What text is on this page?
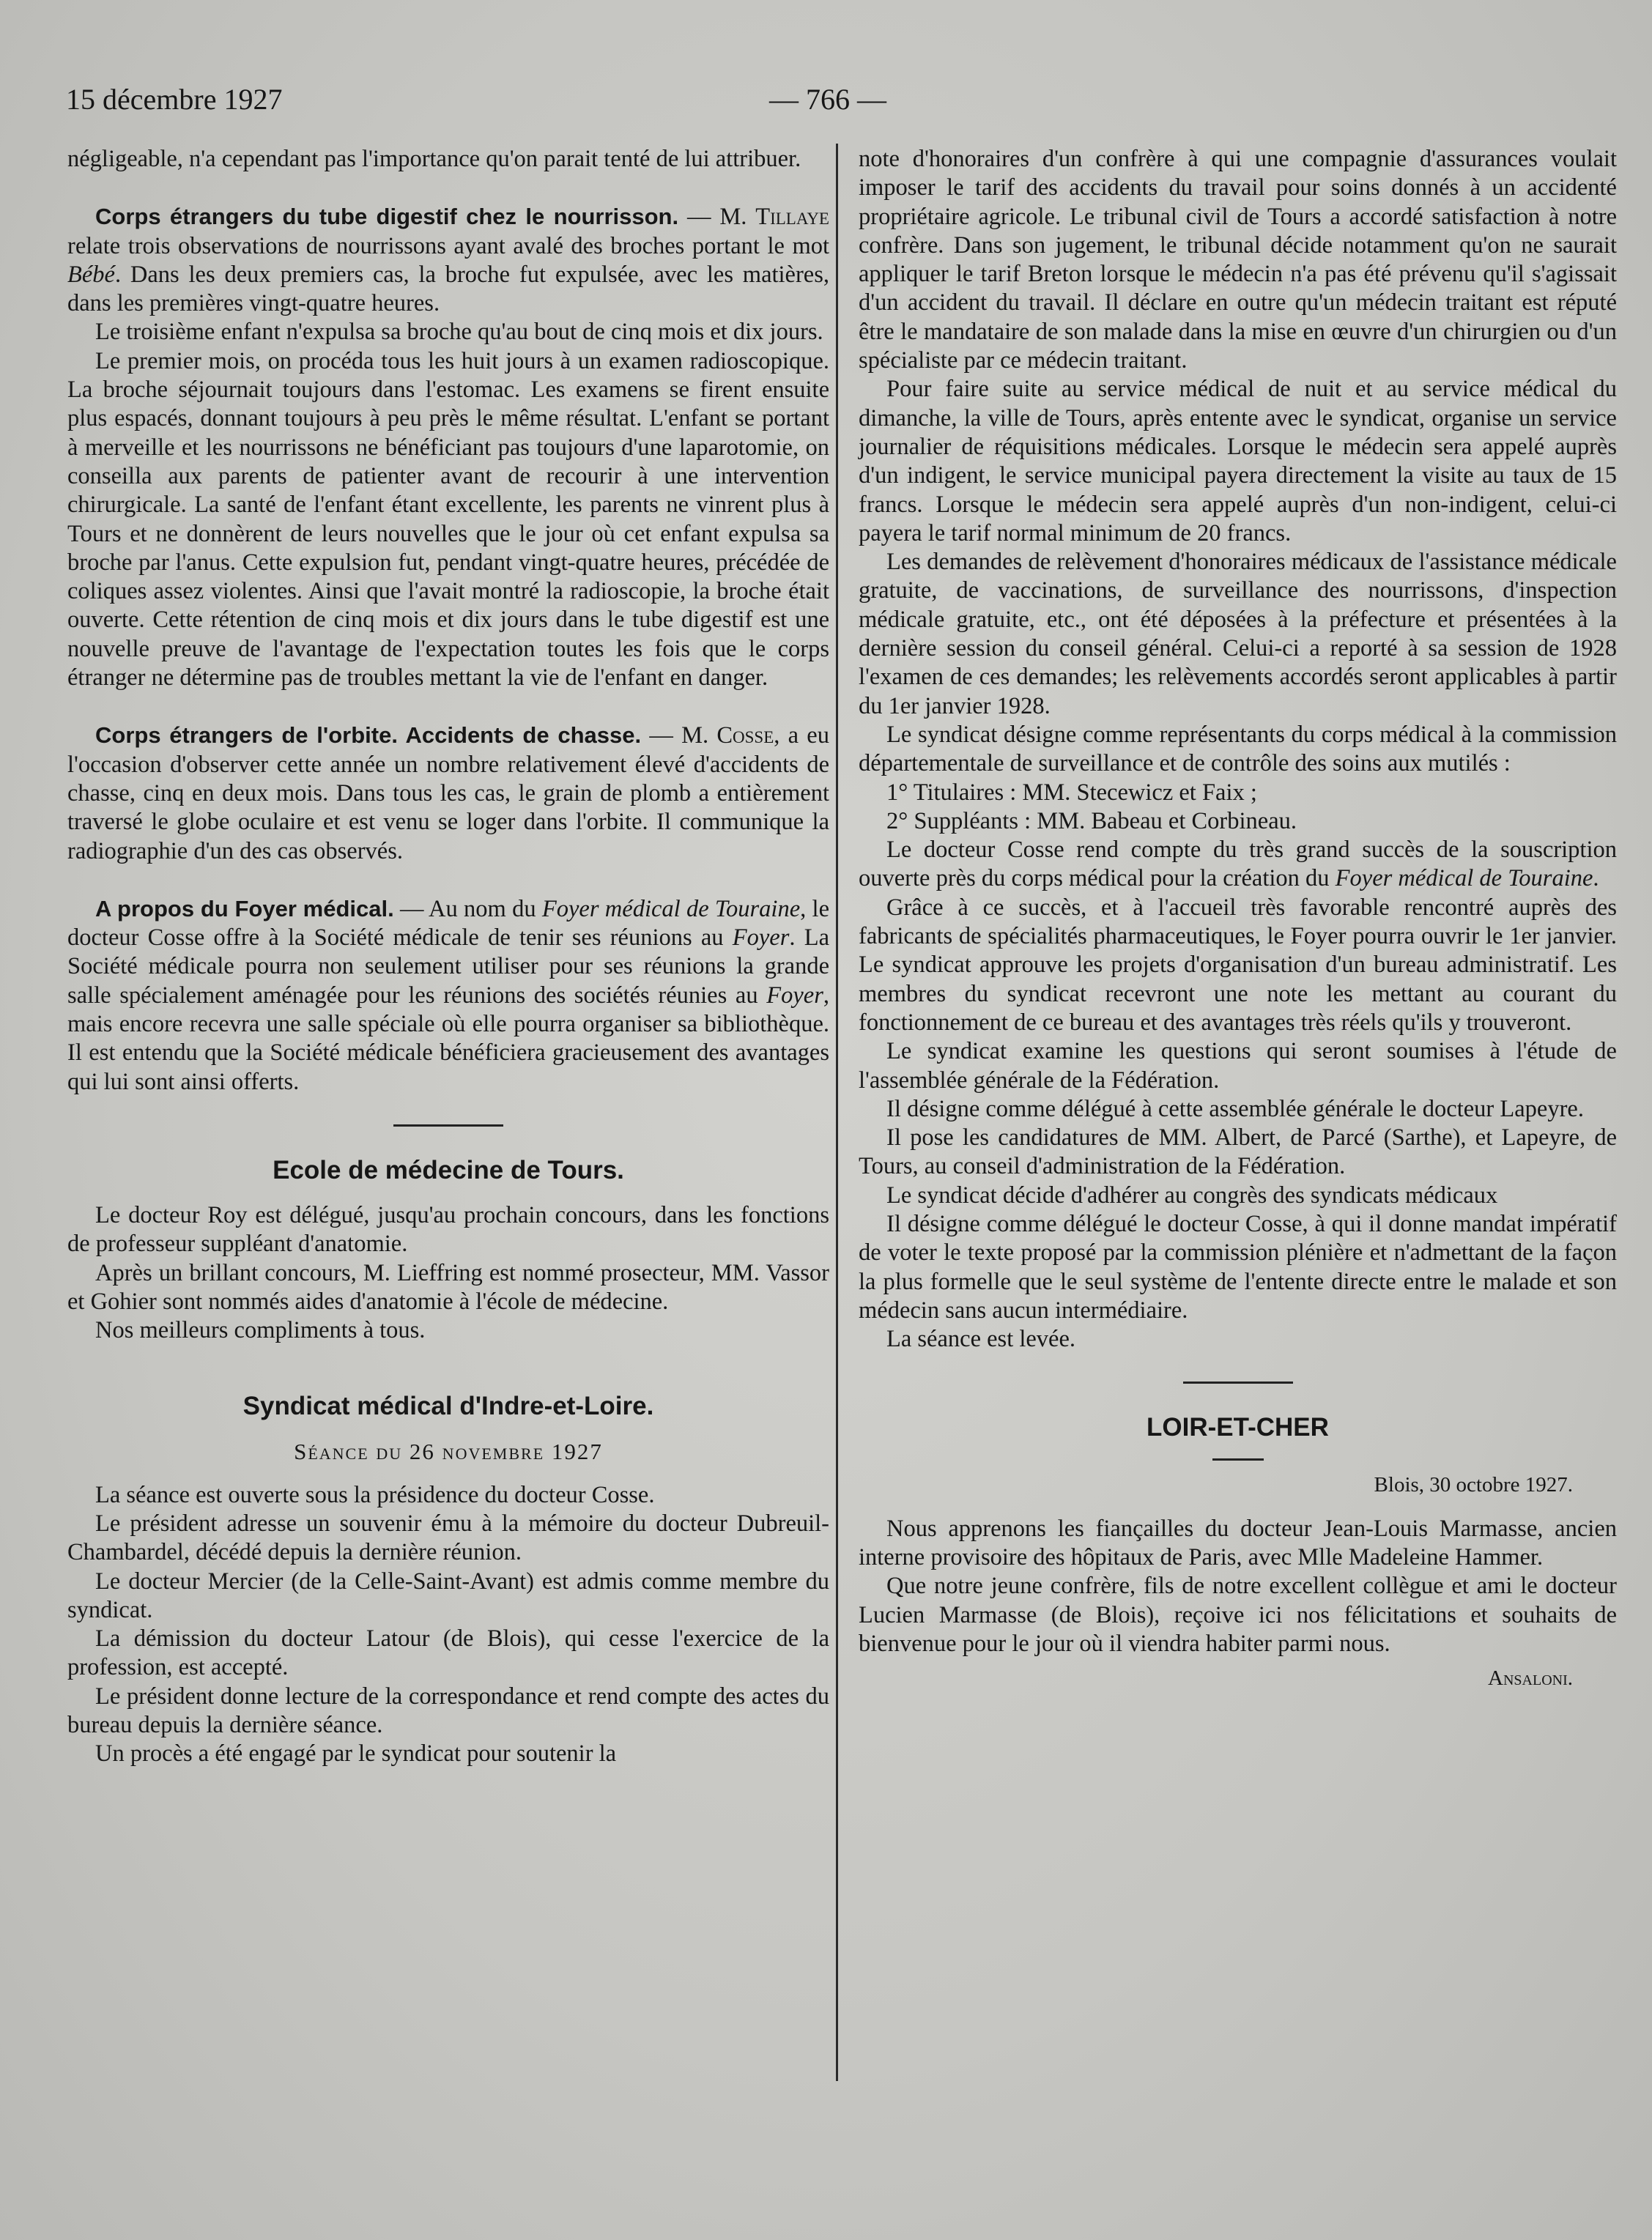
15 décembre 1927	— 766 —

négligeable, n'a cependant pas l'importance qu'on parait tenté de lui attribuer.

Corps étrangers du tube digestif chez le nourrisson. — M. Tillaye relate trois observations de nourrissons ayant avalé des broches portant le mot Bébé. Dans les deux premiers cas, la broche fut expulsée, avec les matières, dans les premières vingt-quatre heures.

Le troisième enfant n'expulsa sa broche qu'au bout de cinq mois et dix jours.

Le premier mois, on procéda tous les huit jours à un examen radioscopique. La broche séjournait toujours dans l'estomac. Les examens se firent ensuite plus espacés, donnant toujours à peu près le même résultat. L'enfant se portant à merveille et les nourrissons ne bénéficiant pas toujours d'une laparotomie, on conseilla aux parents de patienter avant de recourir à une intervention chirurgicale. La santé de l'enfant étant excellente, les parents ne vinrent plus à Tours et ne donnèrent de leurs nouvelles que le jour où cet enfant expulsa sa broche par l'anus. Cette expulsion fut, pendant vingt-quatre heures, précédée de coliques assez violentes. Ainsi que l'avait montré la radioscopie, la broche était ouverte. Cette rétention de cinq mois et dix jours dans le tube digestif est une nouvelle preuve de l'avantage de l'expectation toutes les fois que le corps étranger ne détermine pas de troubles mettant la vie de l'enfant en danger.

Corps étrangers de l'orbite. Accidents de chasse. — M. Cosse, a eu l'occasion d'observer cette année un nombre relativement élevé d'accidents de chasse, cinq en deux mois. Dans tous les cas, le grain de plomb a entièrement traversé le globe oculaire et est venu se loger dans l'orbite. Il communique la radiographie d'un des cas observés.

A propos du Foyer médical. — Au nom du Foyer médical de Touraine, le docteur Cosse offre à la Société médicale de tenir ses réunions au Foyer. La Société médicale pourra non seulement utiliser pour ses réunions la grande salle spécialement aménagée pour les réunions des sociétés réunies au Foyer, mais encore recevra une salle spéciale où elle pourra organiser sa bibliothèque. Il est entendu que la Société médicale bénéficiera gracieusement des avantages qui lui sont ainsi offerts.

Ecole de médecine de Tours.

Le docteur Roy est délégué, jusqu'au prochain concours, dans les fonctions de professeur suppléant d'anatomie.

Après un brillant concours, M. Lieffring est nommé prosecteur, MM. Vassor et Gohier sont nommés aides d'anatomie à l'école de médecine.

Nos meilleurs compliments à tous.

Syndicat médical d'Indre-et-Loire.
Séance du 26 novembre 1927

La séance est ouverte sous la présidence du docteur Cosse.

Le président adresse un souvenir ému à la mémoire du docteur Dubreuil-Chambardel, décédé depuis la dernière réunion.

Le docteur Mercier (de la Celle-Saint-Avant) est admis comme membre du syndicat.

La démission du docteur Latour (de Blois), qui cesse l'exercice de la profession, est accepté.

Le président donne lecture de la correspondance et rend compte des actes du bureau depuis la dernière séance.

Un procès a été engagé par le syndicat pour soutenir la

note d'honoraires d'un confrère à qui une compagnie d'assurances voulait imposer le tarif des accidents du travail pour soins donnés à un accidenté propriétaire agricole. Le tribunal civil de Tours a accordé satisfaction à notre confrère. Dans son jugement, le tribunal décide notamment qu'on ne saurait appliquer le tarif Breton lorsque le médecin n'a pas été prévenu qu'il s'agissait d'un accident du travail. Il déclare en outre qu'un médecin traitant est réputé être le mandataire de son malade dans la mise en œuvre d'un chirurgien ou d'un spécialiste par ce médecin traitant.

Pour faire suite au service médical de nuit et au service médical du dimanche, la ville de Tours, après entente avec le syndicat, organise un service journalier de réquisitions médicales. Lorsque le médecin sera appelé auprès d'un indigent, le service municipal payera directement la visite au taux de 15 francs. Lorsque le médecin sera appelé auprès d'un non-indigent, celui-ci payera le tarif normal minimum de 20 francs.

Les demandes de relèvement d'honoraires médicaux de l'assistance médicale gratuite, de vaccinations, de surveillance des nourrissons, d'inspection médicale gratuite, etc., ont été déposées à la préfecture et présentées à la dernière session du conseil général. Celui-ci a reporté à sa session de 1928 l'examen de ces demandes; les relèvements accordés seront applicables à partir du 1er janvier 1928.

Le syndicat désigne comme représentants du corps médical à la commission départementale de surveillance et de contrôle des soins aux mutilés :

1° Titulaires : MM. Stecewicz et Faix ;

2° Suppléants : MM. Babeau et Corbineau.

Le docteur Cosse rend compte du très grand succès de la souscription ouverte près du corps médical pour la création du Foyer médical de Touraine.

Grâce à ce succès, et à l'accueil très favorable rencontré auprès des fabricants de spécialités pharmaceutiques, le Foyer pourra ouvrir le 1er janvier. Le syndicat approuve les projets d'organisation d'un bureau administratif. Les membres du syndicat recevront une note les mettant au courant du fonctionnement de ce bureau et des avantages très réels qu'ils y trouveront.

Le syndicat examine les questions qui seront soumises à l'étude de l'assemblée générale de la Fédération.

Il désigne comme délégué à cette assemblée générale le docteur Lapeyre.

Il pose les candidatures de MM. Albert, de Parcé (Sarthe), et Lapeyre, de Tours, au conseil d'administration de la Fédération.

Le syndicat décide d'adhérer au congrès des syndicats médicaux

Il désigne comme délégué le docteur Cosse, à qui il donne mandat impératif de voter le texte proposé par la commission plénière et n'admettant de la façon la plus formelle que le seul système de l'entente directe entre le malade et son médecin sans aucun intermédiaire.

La séance est levée.

LOIR-ET-CHER
Blois, 30 octobre 1927.

Nous apprenons les fiançailles du docteur Jean-Louis Marmasse, ancien interne provisoire des hôpitaux de Paris, avec Mlle Madeleine Hammer.

Que notre jeune confrère, fils de notre excellent collègue et ami le docteur Lucien Marmasse (de Blois), reçoive ici nos félicitations et souhaits de bienvenue pour le jour où il viendra habiter parmi nous.

Ansaloni.
